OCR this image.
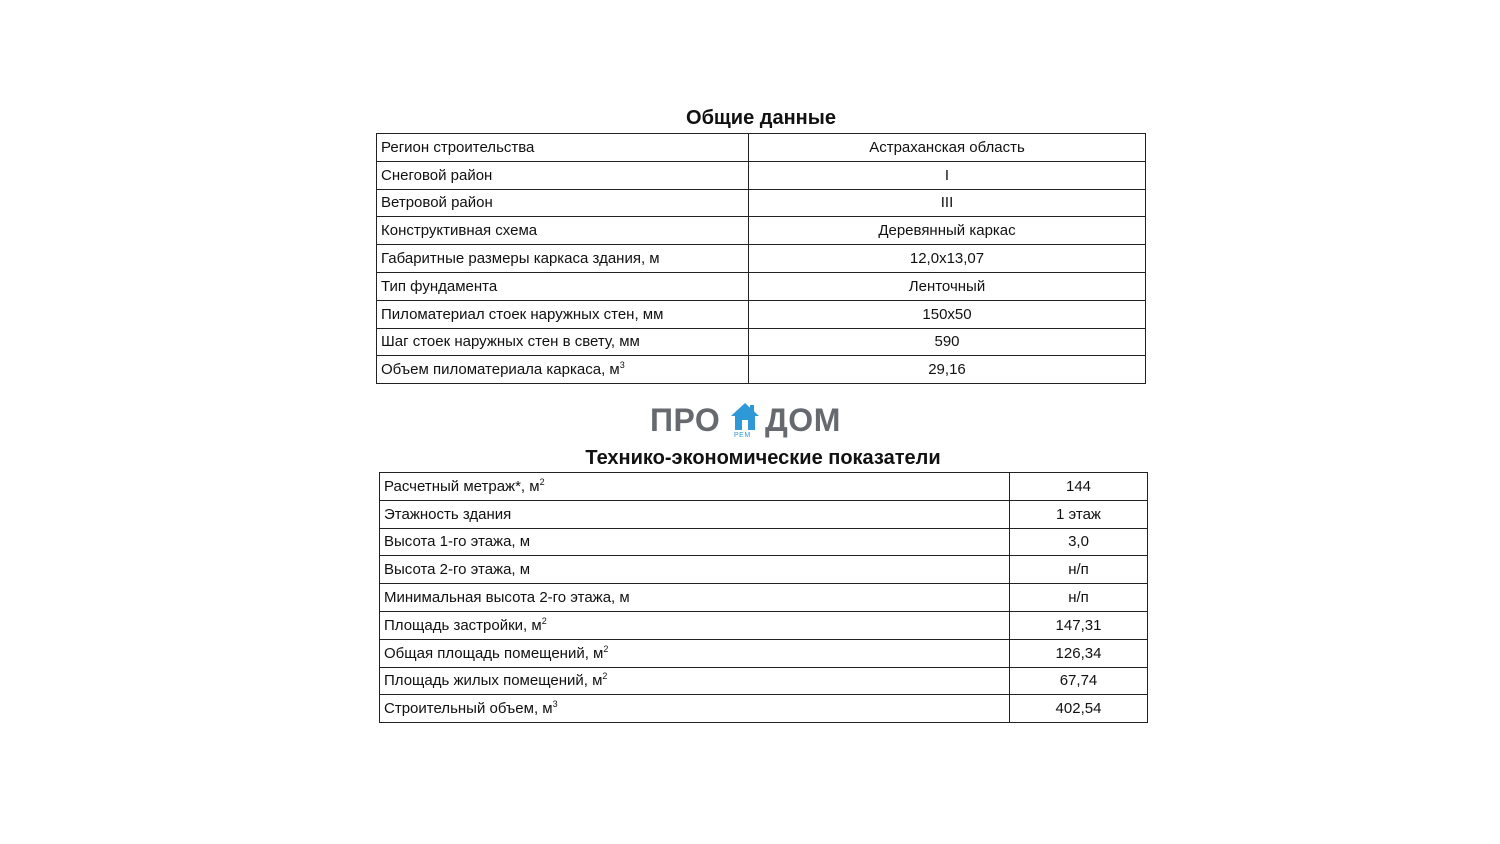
Общие данные
Регион строительства	Астраханская область
Снеговой район	I
Ветровой район	III
Конструктивная схема	Деревянный каркас
Габаритные размеры каркаса здания, м	12,0х13,07
Тип фундамента	Ленточный
Пиломатериал стоек наружных стен, мм	150х50
Шаг стоек наружных стен в свету, мм	590
Объем пиломатериала каркаса, $м^3$	29,16
ПРО РЕМ ДОМ
Технико-экономические показатели
Расчетный метраж*, $м^2$	144
Этажность здания	1 этаж
Высота 1-го этажа, м	3,0
Высота 2-го этажа, м	н/п
Минимальная высота 2-го этажа, м	н/п
Площадь застройки, $м^2$	147,31
Общая площадь помещений, $м^2$	126,34
Площадь жилых помещений, $м^2$	67,74
Строительный объем, $м^3$	402,54
